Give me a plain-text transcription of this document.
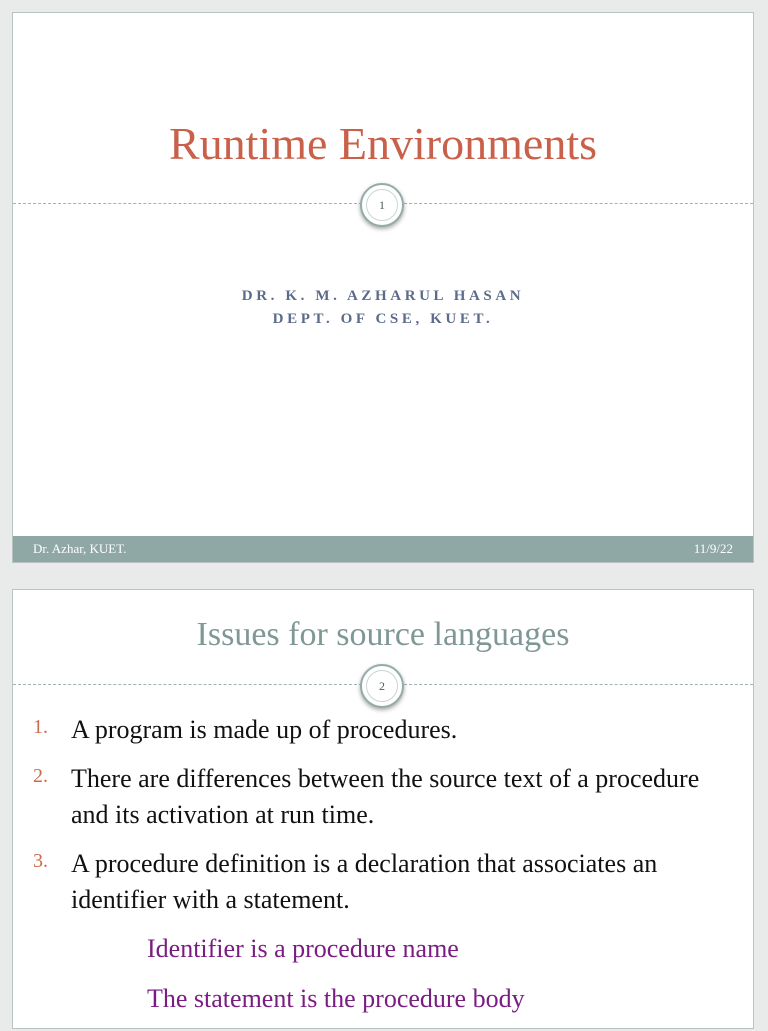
Runtime Environments
1
DR. K. M. AZHARUL HASAN
DEPT. OF CSE, KUET.
Dr. Azhar, KUET.	11/9/22
Issues for source languages
2
1. A program is made up of procedures.
2. There are differences between the source text of a procedure and its activation at run time.
3. A procedure definition is a declaration that associates an identifier with a statement.
Identifier is a procedure name
The statement is the procedure body
